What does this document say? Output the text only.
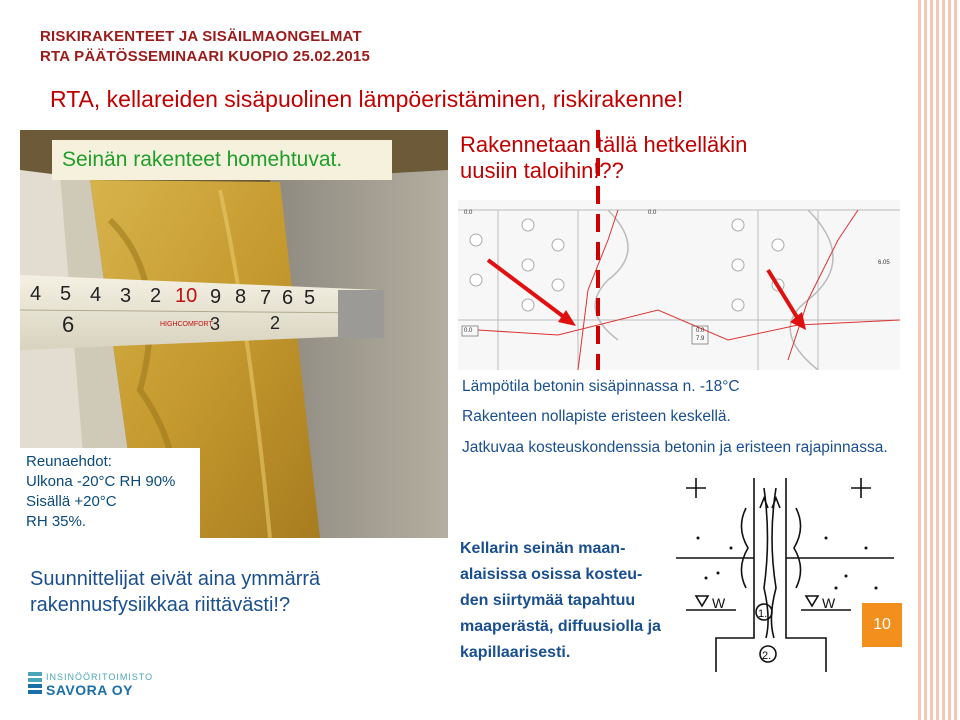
RISKIRAKENTEET JA SISÄILMAONGELMAT
RTA PÄÄTÖSSEMINAARI KUOPIO 25.02.2015
RTA, kellareiden sisäpuolinen lämpöeristäminen, riskirakenne!
4 5 4 3 2 10 9 8 7 6 5
6	3	2
HIGHCOMFORT
Seinän rakenteet homehtuvat.
Reunaehdot:
Ulkona -20°C RH 90%
Sisällä +20°C
RH 35%.
Suunnittelijat eivät aina ymmärrä
rakennusfysiikkaa riittävästi!?
0.0	0.0
6.05
0.0	0.0
7.9
Rakennetaan tällä hetkelläkin
uusiin taloihin!??
Lämpötila betonin sisäpinnassa n. -18°C
Rakenteen nollapiste eristeen keskellä.
Jatkuvaa kosteuskondenssia betonin ja eristeen rajapinnassa.
Kellarin seinän maan-
alaisissa osissa kosteu-
den siirtymää tapahtuu
maaperästä, diffuusiolla ja
kapillaarisesti.
W	W
1.
2.
10
INSINÖÖRITOIMISTO
SAVORA OY
